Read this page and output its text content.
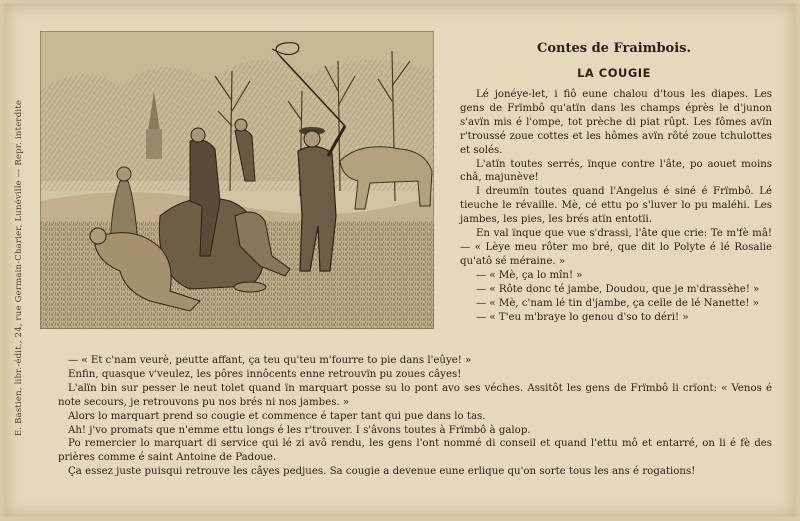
E. Bastien, libr.-édit., 24, rue Germain-Charier, Lunéville — Repr. interdite
Contes de Fraimbois.
LA COUGIE

Lé jonéye-let, i fiô eune chalou d'tous les diapes. Les gens de Frïmbô qu'atïn dans les champs éprès le d'junon s'avïn mis é l'ompe, tot prèche di piat rûpt. Les fômes avïn r'troussé zoue cottes et les hômes avïn rôté zoue tchulottes et solés.

L'atïn toutes serrés, ïnque contre l'âte, po aouet moins châ, majunève!

I dreumïn toutes quand l'Angelus é siné é Frïmbô. Lé tieuche le révaille. Mè, cé ettu po s'luver lo pu maléhi. Les jambes, les pies, les brés atïn entotïi.

En val ïnque que vue s'drassi, l'âte que crie: Te m'fè mâ! — « Lèye meu rôter mo bré, que dit lo Polyte é lé Rosalie qu'atô sé méraine. »

— « Mè, ça lo mîn! »

— « Rôte donc té jambe, Doudou, que je m'drassèhe! »

— « Mè, c'nam lé tin d'jambe, ça celle de lé Nanette! »

— « T'eu m'braye lo genou d'so to déri! »

— « Et c'nam veurè, peutte affant, ça teu qu'teu m'fourre to pie dans l'eûye! »

Enfin, quasque v'veulez, les pôres innôcents enne retrouvïn pu zoues câyes!

L'alïn bin sur pesser le neut tolet quand ïn marquart posse su lo pont avo ses véches. Assitôt les gens de Frïmbô li crïont: « Venos é note secours, je retrouvons pu nos brés ni nos jambes. »

Alors lo marquart prend so cougie et commence é taper tant qui pue dans lo tas.

Ah! j'vo promats que n'emme ettu longs é les r'trouver. I s'âvons toutes à Frïmbô à galop.

Po remercier lo marquart di service qui lé zi avô rendu, les gens l'ont nommé di conseil et quand l'ettu mô et entarré, on li é fè des prières comme é saint Antoine de Padoue.

Ça essez juste puisqui retrouve les câyes pedjues. Sa cougie a devenue eune erlique qu'on sorte tous les ans é rogations!
